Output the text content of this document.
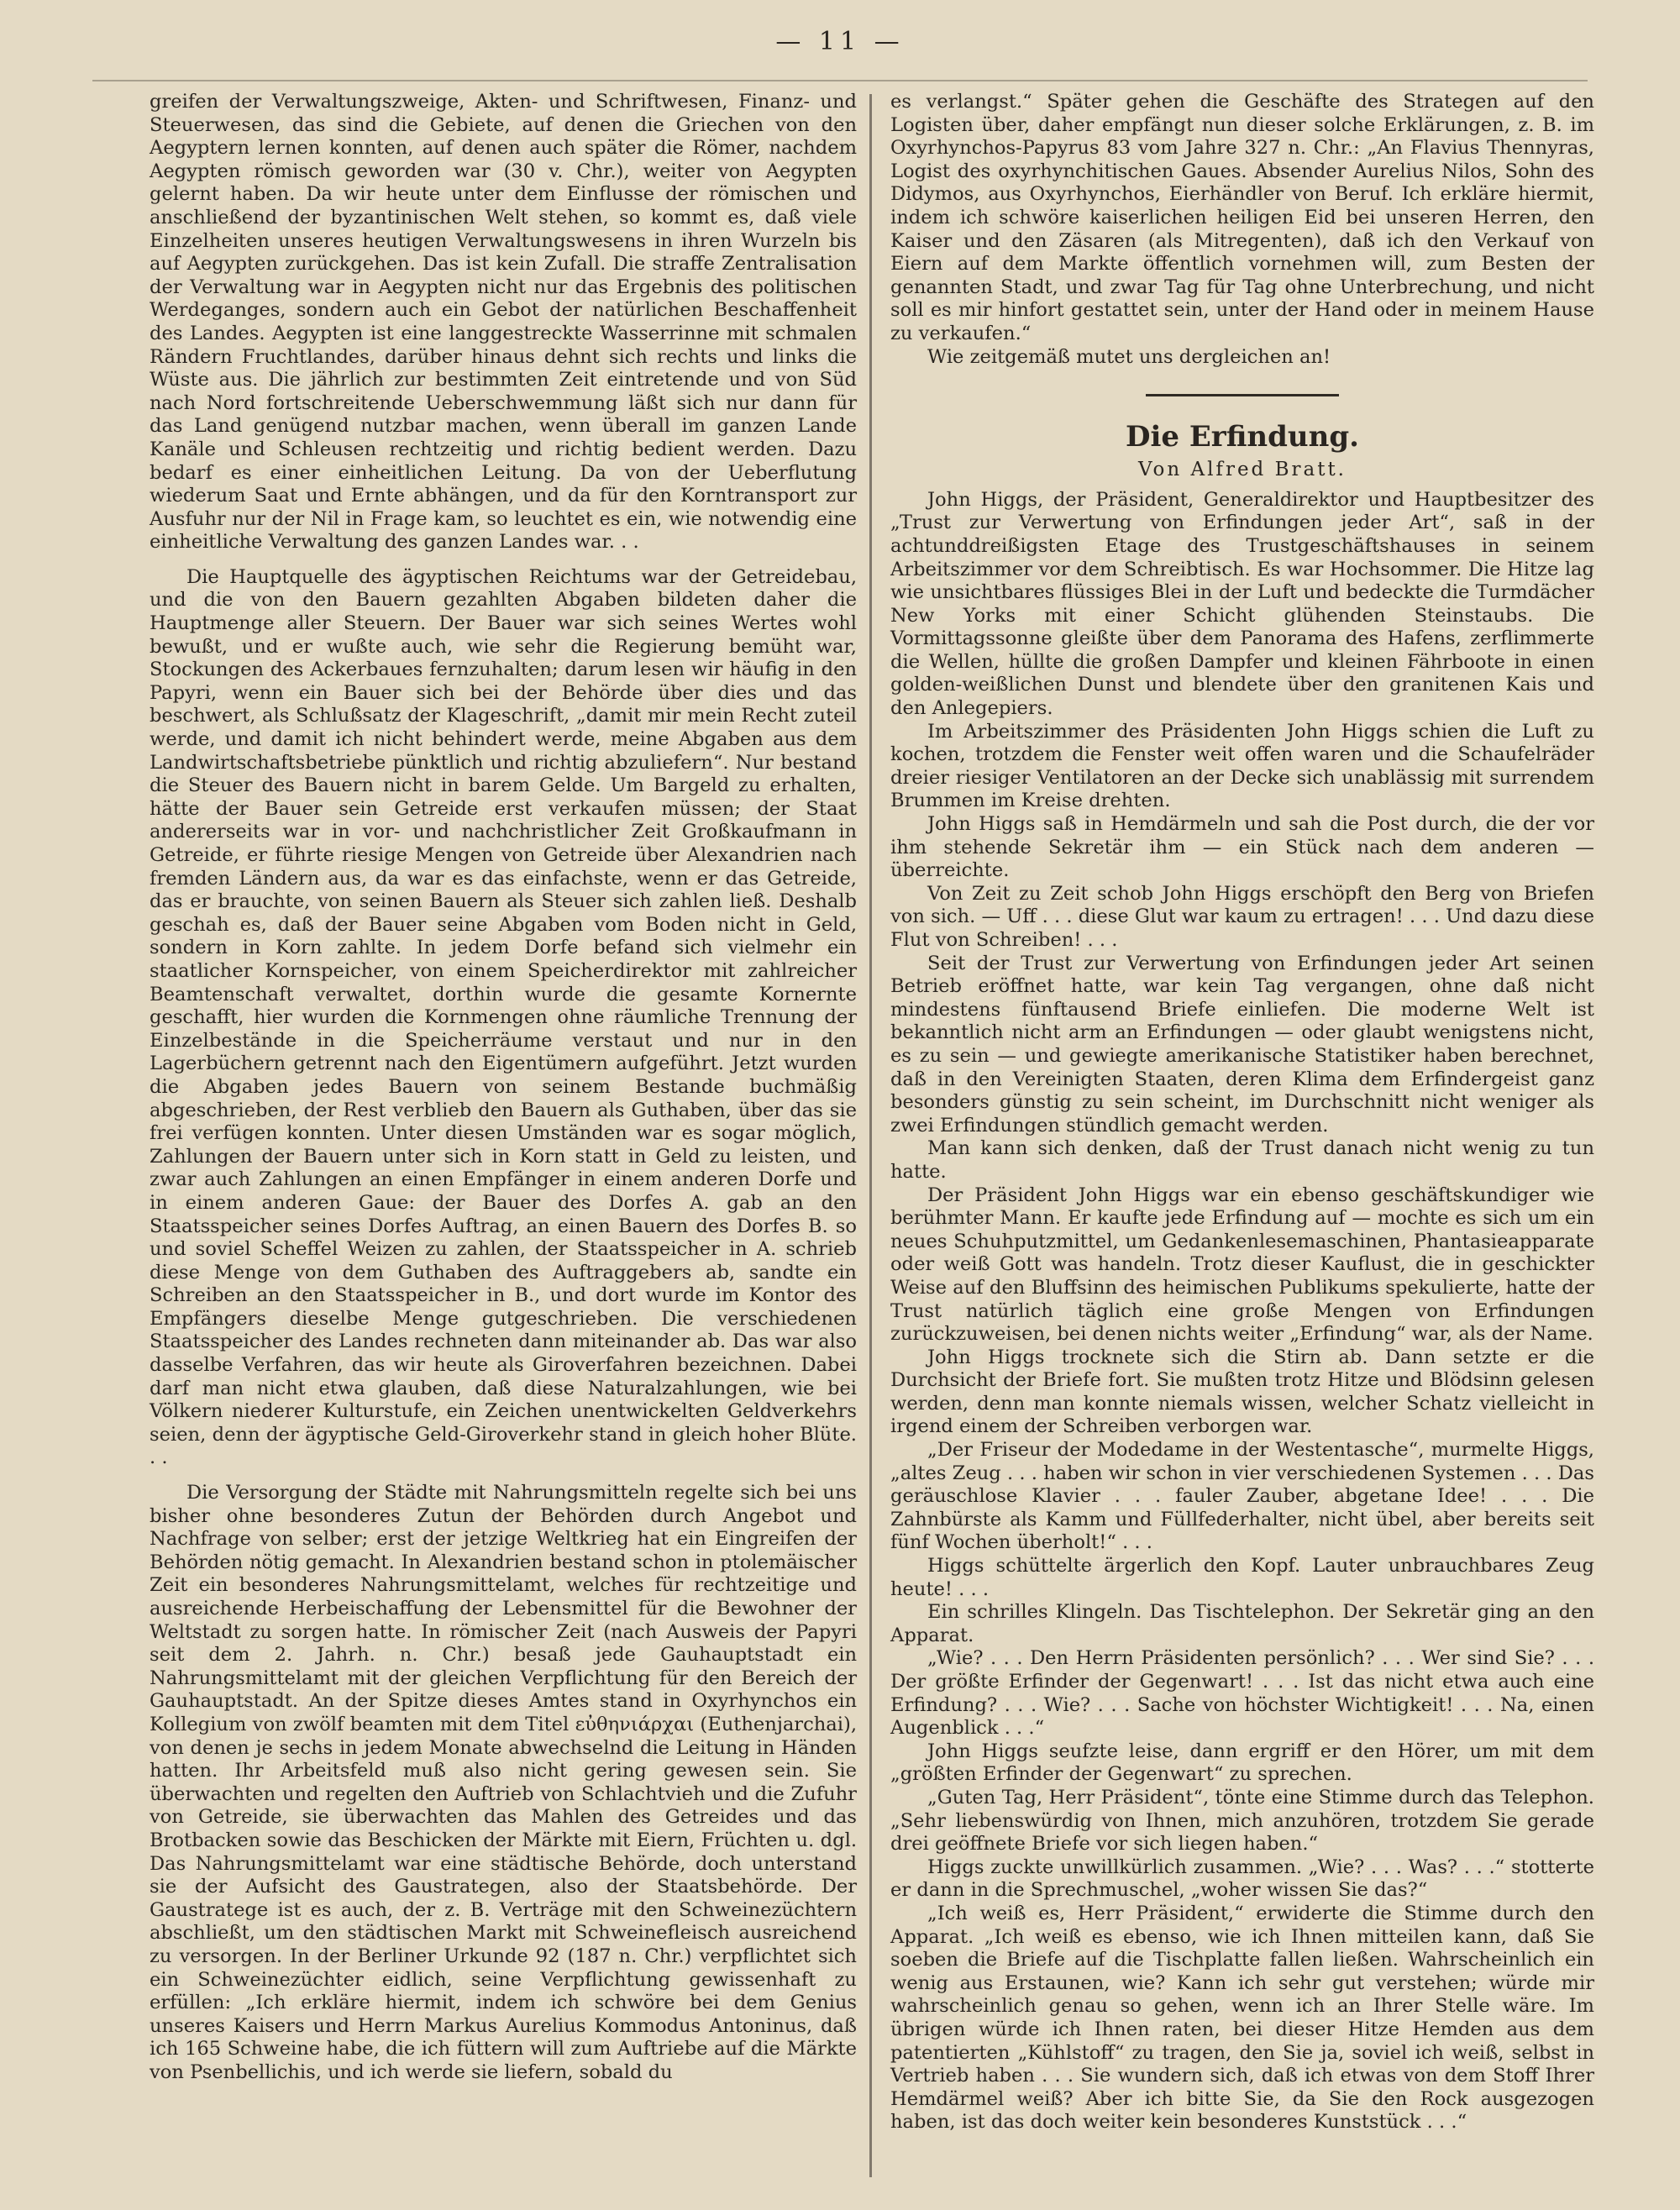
— 11 —

greifen der Verwaltungszweige, Akten- und Schriftwesen, Finanz- und Steuerwesen, das sind die Gebiete, auf denen die Griechen von den Aegyptern lernen konnten, auf denen auch später die Römer, nachdem Aegypten römisch geworden war (30 v. Chr.), weiter von Aegypten gelernt haben. Da wir heute unter dem Einflusse der römischen und anschließend der byzantinischen Welt stehen, so kommt es, daß viele Einzelheiten unseres heutigen Verwaltungswesens in ihren Wurzeln bis auf Aegypten zurückgehen. Das ist kein Zufall. Die straffe Zentralisation der Verwaltung war in Aegypten nicht nur das Ergebnis des politischen Werdeganges, sondern auch ein Gebot der natürlichen Beschaffenheit des Landes. Aegypten ist eine langgestreckte Wasserrinne mit schmalen Rändern Fruchtlandes, darüber hinaus dehnt sich rechts und links die Wüste aus. Die jährlich zur bestimmten Zeit eintretende und von Süd nach Nord fortschreitende Ueberschwemmung läßt sich nur dann für das Land genügend nutzbar machen, wenn überall im ganzen Lande Kanäle und Schleusen rechtzeitig und richtig bedient werden. Dazu bedarf es einer einheitlichen Leitung. Da von der Ueberflutung wiederum Saat und Ernte abhängen, und da für den Korntransport zur Ausfuhr nur der Nil in Frage kam, so leuchtet es ein, wie notwendig eine einheitliche Verwaltung des ganzen Landes war. . .

Die Hauptquelle des ägyptischen Reichtums war der Getreidebau, und die von den Bauern gezahlten Abgaben bildeten daher die Hauptmenge aller Steuern. Der Bauer war sich seines Wertes wohl bewußt, und er wußte auch, wie sehr die Regierung bemüht war, Stockungen des Ackerbaues fernzuhalten; darum lesen wir häufig in den Papyri, wenn ein Bauer sich bei der Behörde über dies und das beschwert, als Schlußsatz der Klageschrift, „damit mir mein Recht zuteil werde, und damit ich nicht behindert werde, meine Abgaben aus dem Landwirtschaftsbetriebe pünktlich und richtig abzuliefern“. Nur bestand die Steuer des Bauern nicht in barem Gelde. Um Bargeld zu erhalten, hätte der Bauer sein Getreide erst verkaufen müssen; der Staat andererseits war in vor- und nachchristlicher Zeit Großkaufmann in Getreide, er führte riesige Mengen von Getreide über Alexandrien nach fremden Ländern aus, da war es das einfachste, wenn er das Getreide, das er brauchte, von seinen Bauern als Steuer sich zahlen ließ. Deshalb geschah es, daß der Bauer seine Abgaben vom Boden nicht in Geld, sondern in Korn zahlte. In jedem Dorfe befand sich vielmehr ein staatlicher Kornspeicher, von einem Speicherdirektor mit zahlreicher Beamtenschaft verwaltet, dorthin wurde die gesamte Kornernte geschafft, hier wurden die Kornmengen ohne räumliche Trennung der Einzelbestände in die Speicherräume verstaut und nur in den Lagerbüchern getrennt nach den Eigentümern aufgeführt. Jetzt wurden die Abgaben jedes Bauern von seinem Bestande buchmäßig abgeschrieben, der Rest verblieb den Bauern als Guthaben, über das sie frei verfügen konnten. Unter diesen Umständen war es sogar möglich, Zahlungen der Bauern unter sich in Korn statt in Geld zu leisten, und zwar auch Zahlungen an einen Empfänger in einem anderen Dorfe und in einem anderen Gaue: der Bauer des Dorfes A. gab an den Staatsspeicher seines Dorfes Auftrag, an einen Bauern des Dorfes B. so und soviel Scheffel Weizen zu zahlen, der Staatsspeicher in A. schrieb diese Menge von dem Guthaben des Auftraggebers ab, sandte ein Schreiben an den Staatsspeicher in B., und dort wurde im Kontor des Empfängers dieselbe Menge gutgeschrieben. Die verschiedenen Staatsspeicher des Landes rechneten dann miteinander ab. Das war also dasselbe Verfahren, das wir heute als Giroverfahren bezeichnen. Dabei darf man nicht etwa glauben, daß diese Naturalzahlungen, wie bei Völkern niederer Kulturstufe, ein Zeichen unentwickelten Geldverkehrs seien, denn der ägyptische Geld-Giroverkehr stand in gleich hoher Blüte. . .

Die Versorgung der Städte mit Nahrungsmitteln regelte sich bei uns bisher ohne besonderes Zutun der Behörden durch Angebot und Nachfrage von selber; erst der jetzige Weltkrieg hat ein Eingreifen der Behörden nötig gemacht. In Alexandrien bestand schon in ptolemäischer Zeit ein besonderes Nahrungsmittelamt, welches für rechtzeitige und ausreichende Herbeischaffung der Lebensmittel für die Bewohner der Weltstadt zu sorgen hatte. In römischer Zeit (nach Ausweis der Papyri seit dem 2. Jahrh. n. Chr.) besaß jede Gauhauptstadt ein Nahrungsmittelamt mit der gleichen Verpflichtung für den Bereich der Gauhauptstadt. An der Spitze dieses Amtes stand in Oxyrhynchos ein Kollegium von zwölf beamten mit dem Titel εὐθηνιάρχαι (Euthenjarchai), von denen je sechs in jedem Monate abwechselnd die Leitung in Händen hatten. Ihr Arbeitsfeld muß also nicht gering gewesen sein. Sie überwachten und regelten den Auftrieb von Schlachtvieh und die Zufuhr von Getreide, sie überwachten das Mahlen des Getreides und das Brotbacken sowie das Beschicken der Märkte mit Eiern, Früchten u. dgl. Das Nahrungsmittelamt war eine städtische Behörde, doch unterstand sie der Aufsicht des Gaustrategen, also der Staatsbehörde. Der Gaustratege ist es auch, der z. B. Verträge mit den Schweinezüchtern abschließt, um den städtischen Markt mit Schweinefleisch ausreichend zu versorgen. In der Berliner Urkunde 92 (187 n. Chr.) verpflichtet sich ein Schweinezüchter eidlich, seine Verpflichtung gewissenhaft zu erfüllen: „Ich erkläre hiermit, indem ich schwöre bei dem Genius unseres Kaisers und Herrn Markus Aurelius Kommodus Antoninus, daß ich 165 Schweine habe, die ich füttern will zum Auftriebe auf die Märkte von Psenbellichis, und ich werde sie liefern, sobald du

es verlangst.“ Später gehen die Geschäfte des Strategen auf den Logisten über, daher empfängt nun dieser solche Erklärungen, z. B. im Oxyrhynchos-Papyrus 83 vom Jahre 327 n. Chr.: „An Flavius Thennyras, Logist des oxyrhynchitischen Gaues. Absender Aurelius Nilos, Sohn des Didymos, aus Oxyrhynchos, Eierhändler von Beruf. Ich erkläre hiermit, indem ich schwöre kaiserlichen heiligen Eid bei unseren Herren, den Kaiser und den Zäsaren (als Mitregenten), daß ich den Verkauf von Eiern auf dem Markte öffentlich vornehmen will, zum Besten der genannten Stadt, und zwar Tag für Tag ohne Unterbrechung, und nicht soll es mir hinfort gestattet sein, unter der Hand oder in meinem Hause zu verkaufen.“

Wie zeitgemäß mutet uns dergleichen an!

Die Erfindung.
Von Alfred Bratt.

John Higgs, der Präsident, Generaldirektor und Hauptbesitzer des „Trust zur Verwertung von Erfindungen jeder Art“, saß in der achtunddreißigsten Etage des Trustgeschäftshauses in seinem Arbeitszimmer vor dem Schreibtisch. Es war Hochsommer. Die Hitze lag wie unsichtbares flüssiges Blei in der Luft und bedeckte die Turmdächer New Yorks mit einer Schicht glühenden Steinstaubs. Die Vormittagssonne gleißte über dem Panorama des Hafens, zerflimmerte die Wellen, hüllte die großen Dampfer und kleinen Fährboote in einen golden-weißlichen Dunst und blendete über den granitenen Kais und den Anlegepiers.

Im Arbeitszimmer des Präsidenten John Higgs schien die Luft zu kochen, trotzdem die Fenster weit offen waren und die Schaufelräder dreier riesiger Ventilatoren an der Decke sich unablässig mit surrendem Brummen im Kreise drehten.

John Higgs saß in Hemdärmeln und sah die Post durch, die der vor ihm stehende Sekretär ihm — ein Stück nach dem anderen — überreichte.

Von Zeit zu Zeit schob John Higgs erschöpft den Berg von Briefen von sich. — Uff . . . diese Glut war kaum zu ertragen! . . . Und dazu diese Flut von Schreiben! . . .

Seit der Trust zur Verwertung von Erfindungen jeder Art seinen Betrieb eröffnet hatte, war kein Tag vergangen, ohne daß nicht mindestens fünftausend Briefe einliefen. Die moderne Welt ist bekanntlich nicht arm an Erfindungen — oder glaubt wenigstens nicht, es zu sein — und gewiegte amerikanische Statistiker haben berechnet, daß in den Vereinigten Staaten, deren Klima dem Erfindergeist ganz besonders günstig zu sein scheint, im Durchschnitt nicht weniger als zwei Erfindungen stündlich gemacht werden.

Man kann sich denken, daß der Trust danach nicht wenig zu tun hatte.

Der Präsident John Higgs war ein ebenso geschäftskundiger wie berühmter Mann. Er kaufte jede Erfindung auf — mochte es sich um ein neues Schuhputzmittel, um Gedankenlesemaschinen, Phantasieapparate oder weiß Gott was handeln. Trotz dieser Kauflust, die in geschickter Weise auf den Bluffsinn des heimischen Publikums spekulierte, hatte der Trust natürlich täglich eine große Mengen von Erfindungen zurückzuweisen, bei denen nichts weiter „Erfindung“ war, als der Name.

John Higgs trocknete sich die Stirn ab. Dann setzte er die Durchsicht der Briefe fort. Sie mußten trotz Hitze und Blödsinn gelesen werden, denn man konnte niemals wissen, welcher Schatz vielleicht in irgend einem der Schreiben verborgen war.

„Der Friseur der Modedame in der Westentasche“, murmelte Higgs, „altes Zeug . . . haben wir schon in vier verschiedenen Systemen . . . Das geräuschlose Klavier . . . fauler Zauber, abgetane Idee! . . . Die Zahnbürste als Kamm und Füllfederhalter, nicht übel, aber bereits seit fünf Wochen überholt!“ . . .

Higgs schüttelte ärgerlich den Kopf. Lauter unbrauchbares Zeug heute! . . .

Ein schrilles Klingeln. Das Tischtelephon. Der Sekretär ging an den Apparat.

„Wie? . . . Den Herrn Präsidenten persönlich? . . . Wer sind Sie? . . . Der größte Erfinder der Gegenwart! . . . Ist das nicht etwa auch eine Erfindung? . . . Wie? . . . Sache von höchster Wichtigkeit! . . . Na, einen Augenblick . . .“

John Higgs seufzte leise, dann ergriff er den Hörer, um mit dem „größten Erfinder der Gegenwart“ zu sprechen.

„Guten Tag, Herr Präsident“, tönte eine Stimme durch das Telephon. „Sehr liebenswürdig von Ihnen, mich anzuhören, trotzdem Sie gerade drei geöffnete Briefe vor sich liegen haben.“

Higgs zuckte unwillkürlich zusammen. „Wie? . . . Was? . . .“ stotterte er dann in die Sprechmuschel, „woher wissen Sie das?“

„Ich weiß es, Herr Präsident,“ erwiderte die Stimme durch den Apparat. „Ich weiß es ebenso, wie ich Ihnen mitteilen kann, daß Sie soeben die Briefe auf die Tischplatte fallen ließen. Wahrscheinlich ein wenig aus Erstaunen, wie? Kann ich sehr gut verstehen; würde mir wahrscheinlich genau so gehen, wenn ich an Ihrer Stelle wäre. Im übrigen würde ich Ihnen raten, bei dieser Hitze Hemden aus dem patentierten „Kühlstoff“ zu tragen, den Sie ja, soviel ich weiß, selbst in Vertrieb haben . . . Sie wundern sich, daß ich etwas von dem Stoff Ihrer Hemdärmel weiß? Aber ich bitte Sie, da Sie den Rock ausgezogen haben, ist das doch weiter kein besonderes Kunststück . . .“
